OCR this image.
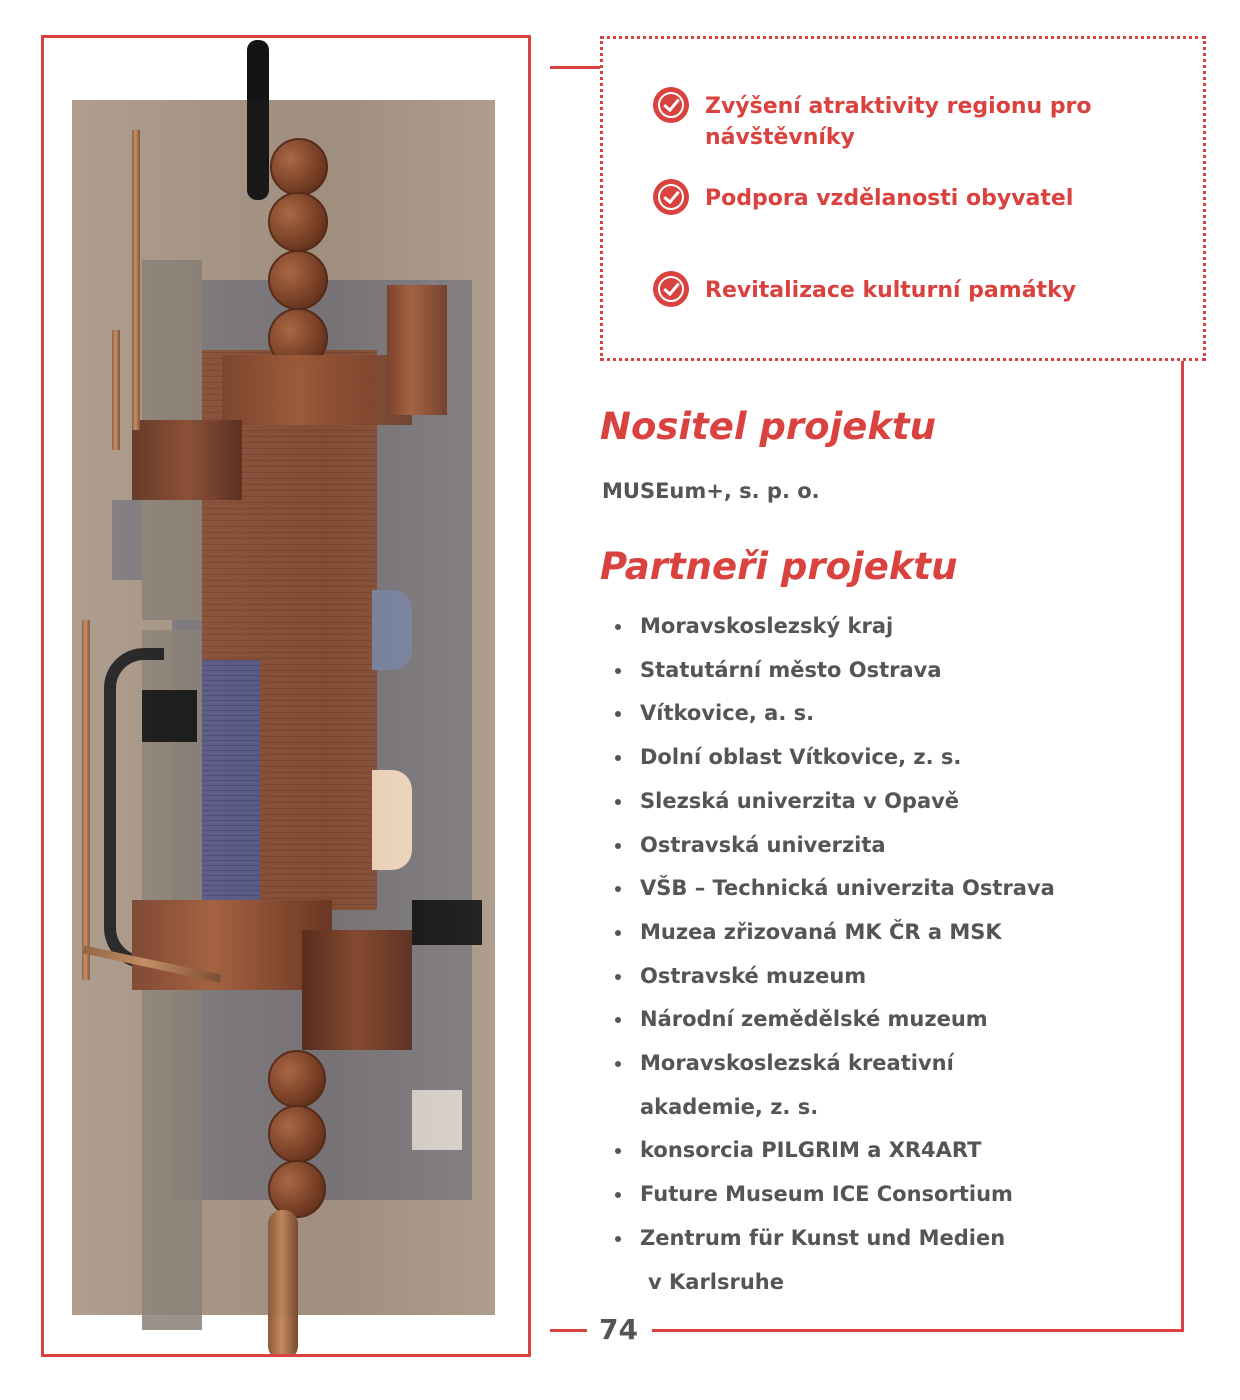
Zvýšení atraktivity regionu pro návštěvníky
Podpora vzdělanosti obyvatel
Revitalizace kulturní památky
Nositel projektu
MUSEum+, s. p. o.
Partneři projektu
Moravskoslezský kraj
Statutární město Ostrava
Vítkovice, a. s.
Dolní oblast Vítkovice, z. s.
Slezská univerzita v Opavě
Ostravská univerzita
VŠB – Technická univerzita Ostrava
Muzea zřizovaná MK ČR a MSK
Ostravské muzeum
Národní zemědělské muzeum
Moravskoslezská kreativní
akademie, z. s.
konsorcia PILGRIM a XR4ART
Future Museum ICE Consortium
Zentrum für Kunst und Medien
v Karlsruhe
74
